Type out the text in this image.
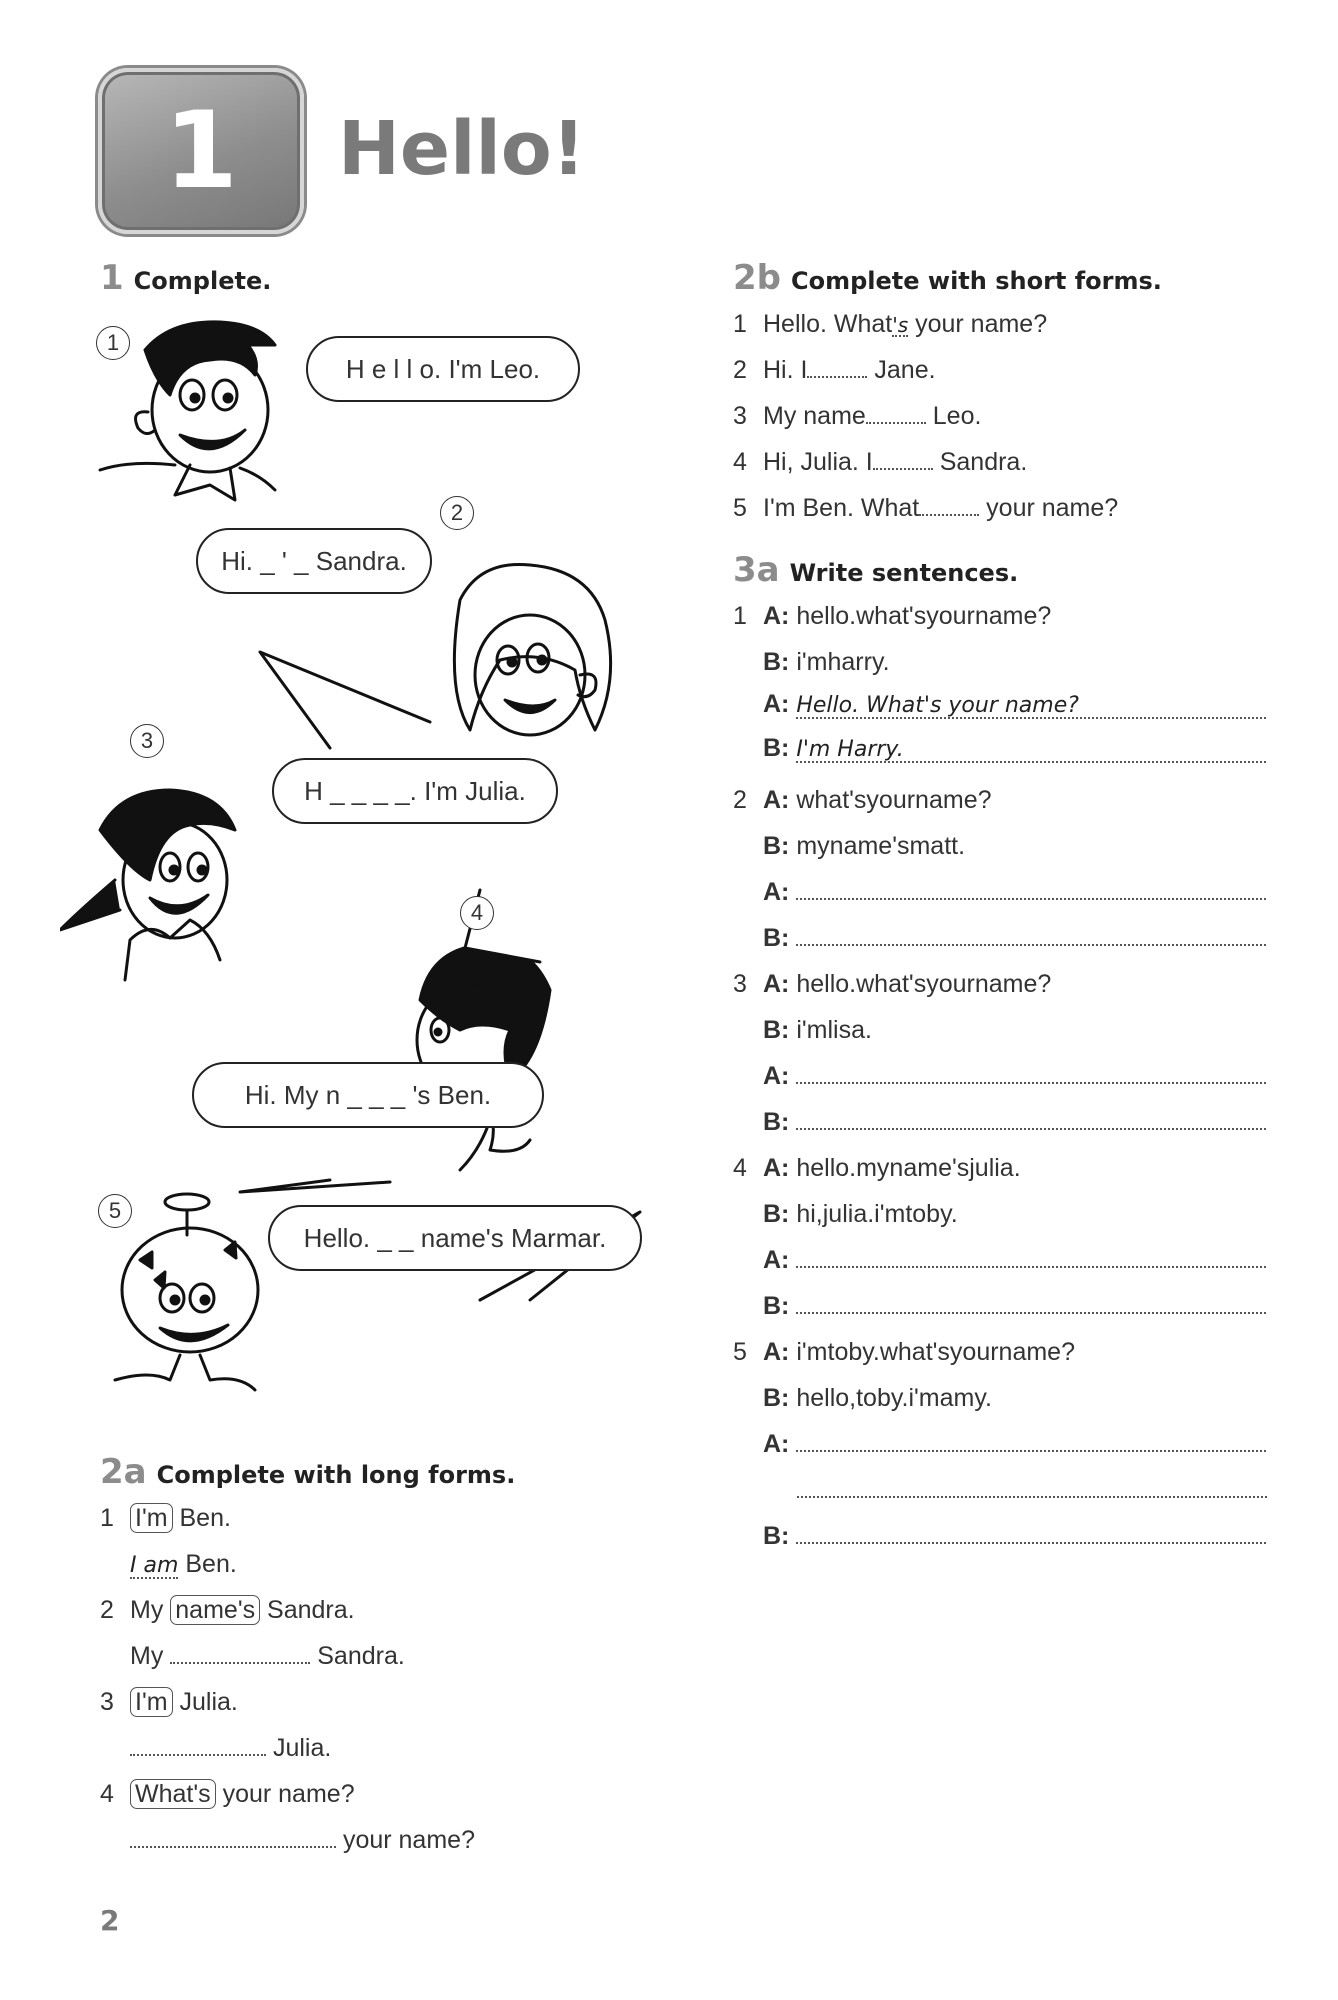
1 Hello!
1 Complete.
H e l l o. I'm Leo.
Hi. _ ' _ Sandra.
H _ _ _ _. I'm Julia.
Hi. My n _ _ _ 's Ben.
Hello. _ _ name's Marmar.
1
2
3
4
5
2a Complete with long forms.
1 I'm Ben.
I am Ben.
2 My name's Sandra.
My	Sandra.
3 I'm Julia.
Julia.
4 What's your name?
your name?
2b Complete with short forms.
1 Hello. What's your name?
2 Hi. I	Jane.
3 My name	Leo.
4 Hi, Julia. I	Sandra.
5 I'm Ben. What	your name?
3a Write sentences.
1 A: hello.what'syourname?
B: i'mharry.
A: Hello. What's your name?
B: I'm Harry.
2 A: what'syourname?
B: myname'smatt.
A:
B:
3 A: hello.what'syourname?
B: i'mlisa.
A:
B:
4 A: hello.myname'sjulia.
B: hi,julia.i'mtoby.
A:
B:
5 A: i'mtoby.what'syourname?
B: hello,toby.i'mamy.
A:
B:
2
